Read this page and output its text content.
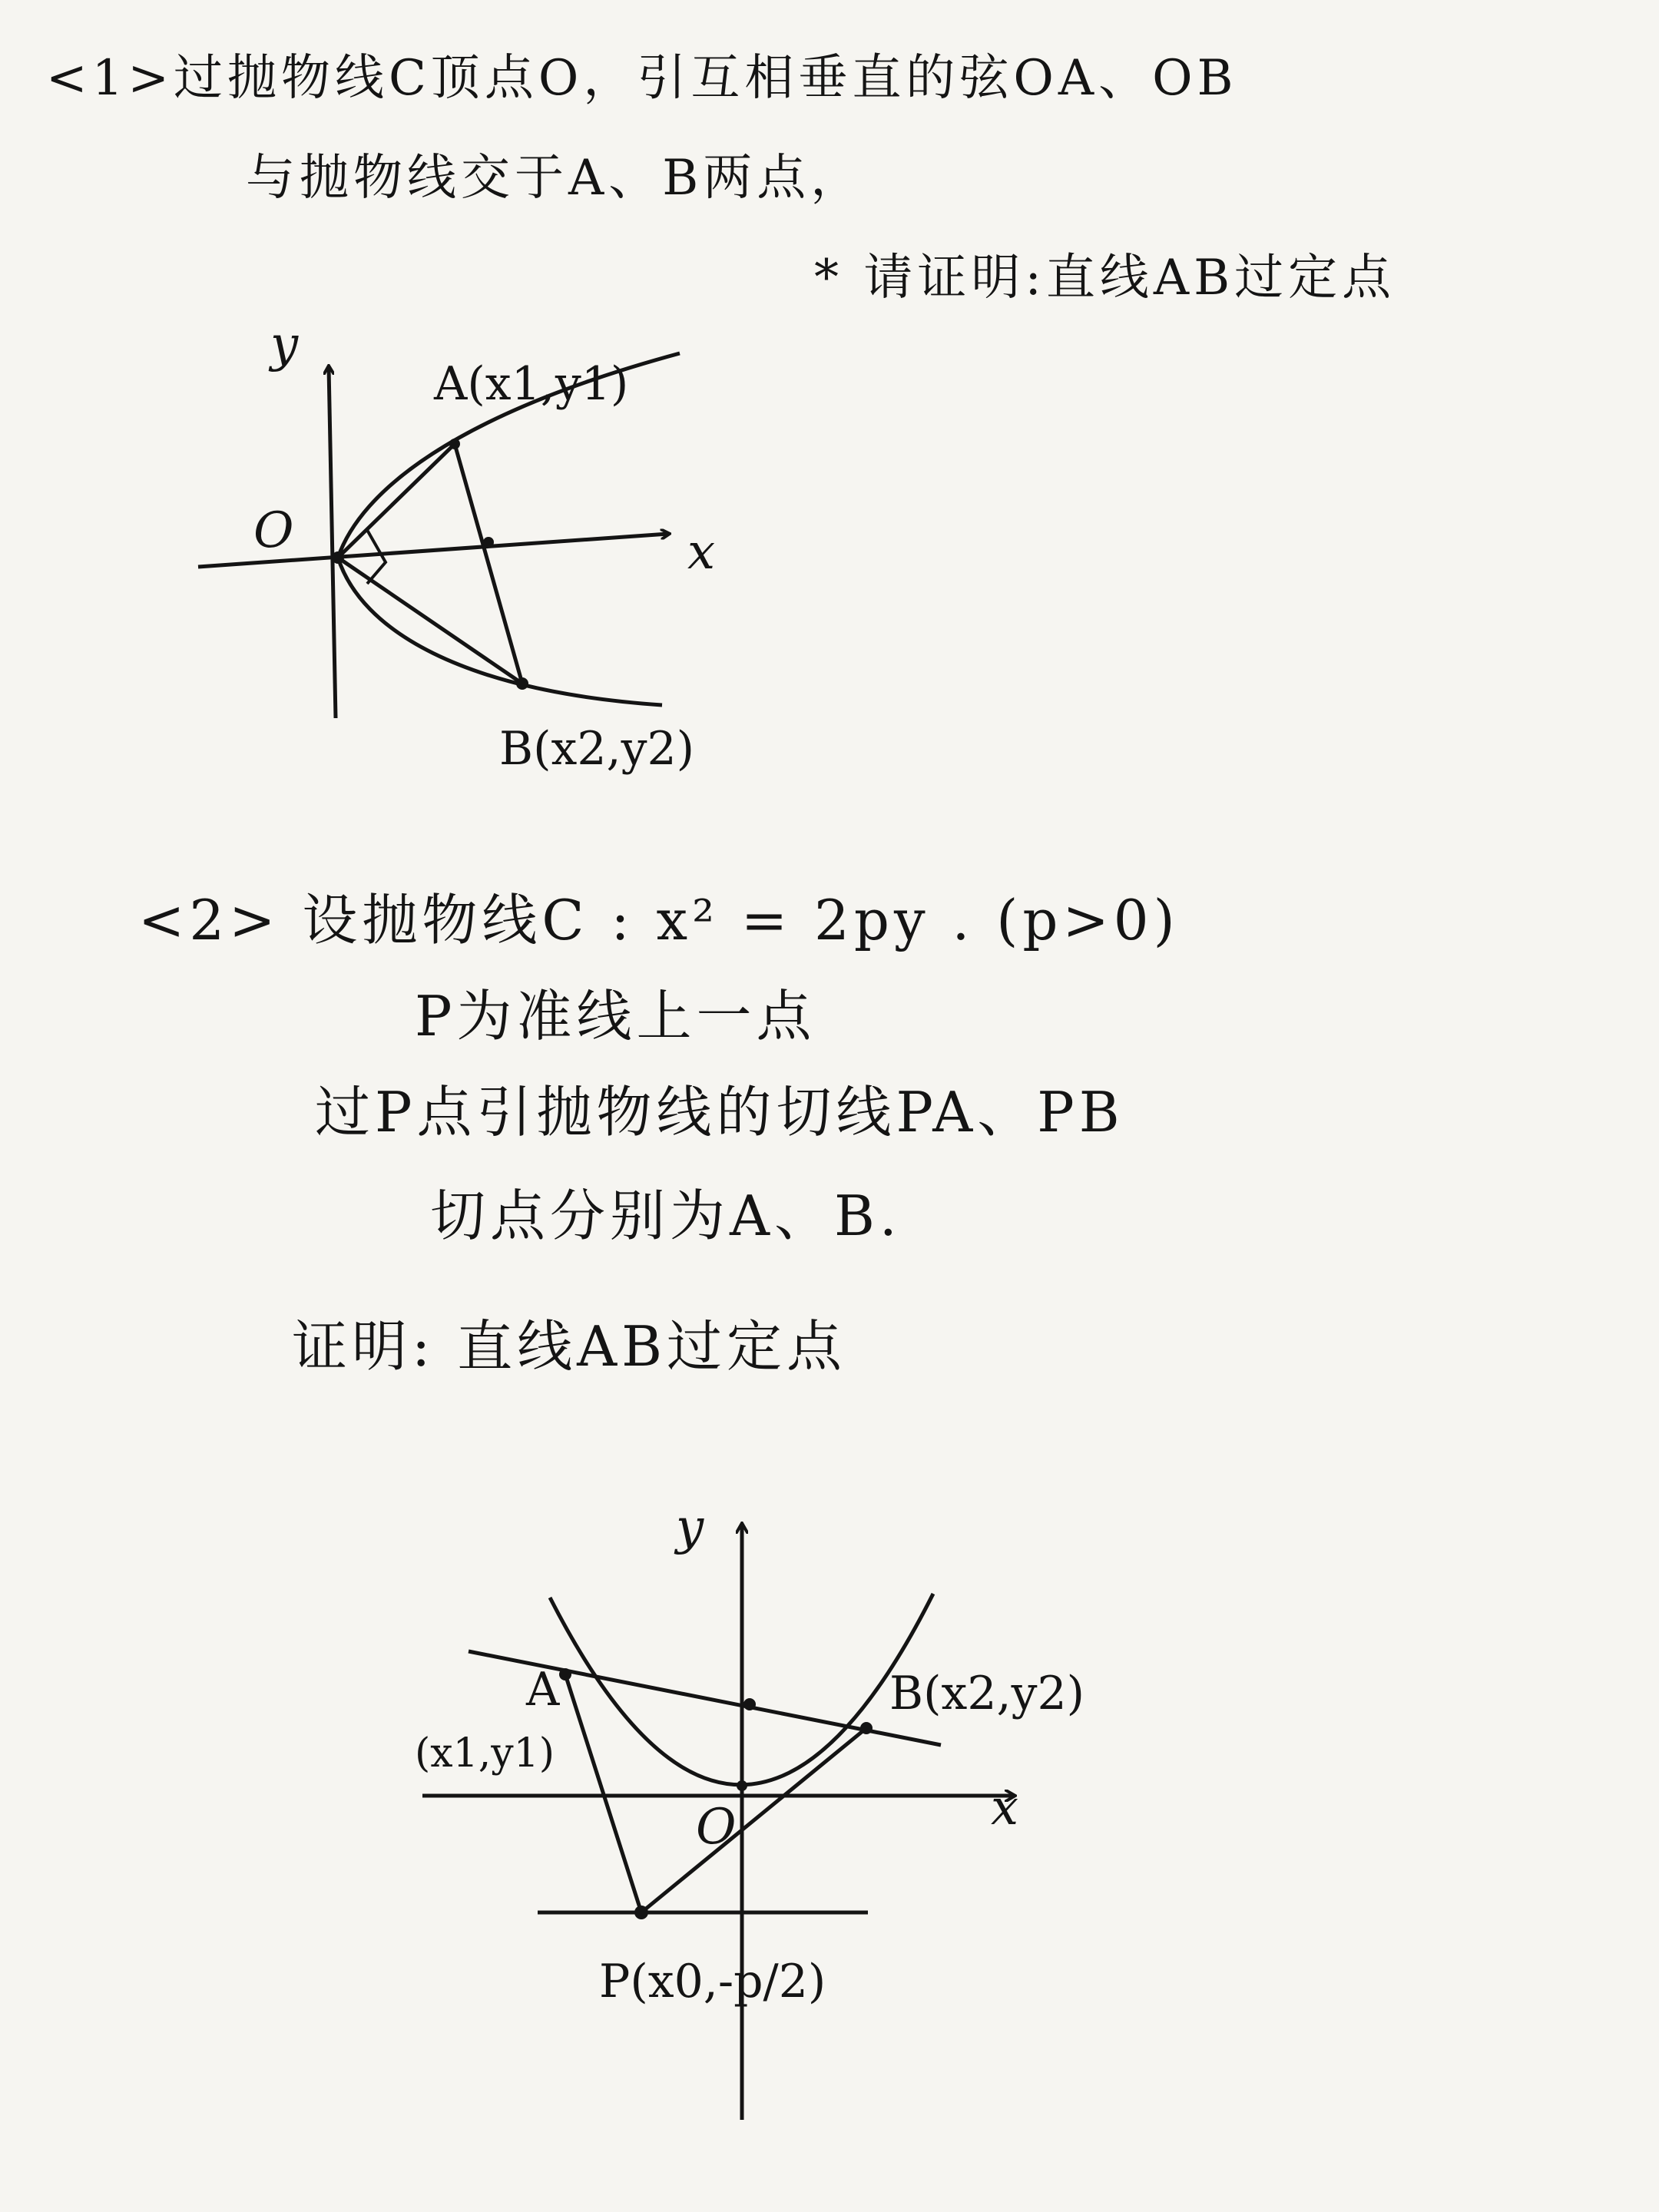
<1>过抛物线C顶点O，引互相垂直的弦OA、OB
与抛物线交于A、B两点，
* 请证明:直线AB过定点
y
x
O
A(x1,y1)
B(x2,y2)
<2> 设抛物线C : x² = 2py . (p>0)
P为准线上一点
过P点引抛物线的切线PA、PB
切点分别为A、B.
证明: 直线AB过定点
y
x
O
A
(x1,y1)
B(x2,y2)
P(x0,-p/2)
